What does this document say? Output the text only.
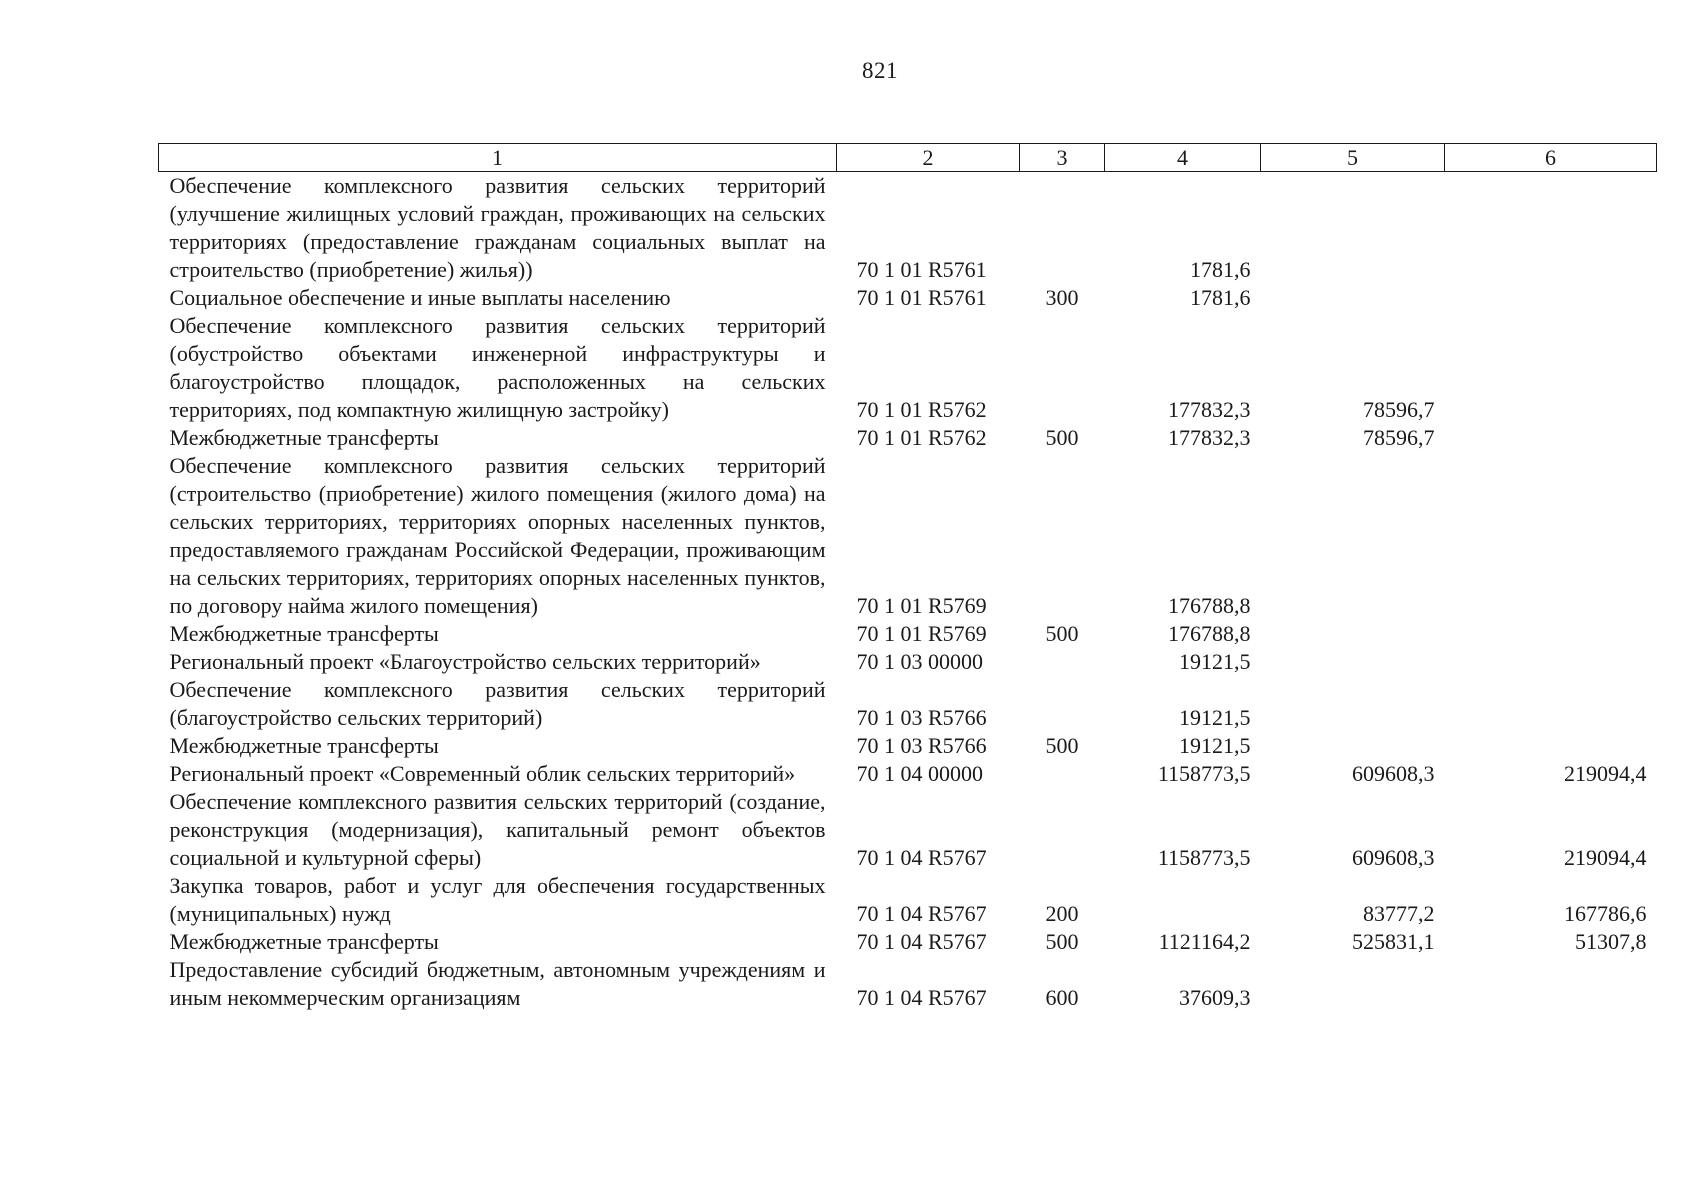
821
1	2	3	4	5	6
Обеспечение комплексного развития сельских территорий (улучшение жилищных условий граждан, проживающих на сельских территориях (предоставление гражданам социальных выплат на строительство (приобретение) жилья))	70 1 01 R5761		1781,6		
Социальное обеспечение и иные выплаты населению	70 1 01 R5761	300	1781,6		
Обеспечение комплексного развития сельских территорий (обустройство объектами инженерной инфраструктуры и благоустройство площадок, расположенных на сельских территориях, под компактную жилищную застройку)	70 1 01 R5762		177832,3	78596,7	
Межбюджетные трансферты	70 1 01 R5762	500	177832,3	78596,7	
Обеспечение комплексного развития сельских территорий (строительство (приобретение) жилого помещения (жилого дома) на сельских территориях, территориях опорных населенных пунктов, предоставляемого гражданам Российской Федерации, проживающим на сельских территориях, территориях опорных населенных пунктов, по договору найма жилого помещения)	70 1 01 R5769		176788,8		
Межбюджетные трансферты	70 1 01 R5769	500	176788,8		
Региональный проект «Благоустройство сельских территорий»	70 1 03 00000		19121,5		
Обеспечение комплексного развития сельских территорий (благоустройство сельских территорий)	70 1 03 R5766		19121,5		
Межбюджетные трансферты	70 1 03 R5766	500	19121,5		
Региональный проект «Современный облик сельских территорий»	70 1 04 00000		1158773,5	609608,3	219094,4
Обеспечение комплексного развития сельских территорий (создание, реконструкция (модернизация), капитальный ремонт объектов социальной и культурной сферы)	70 1 04 R5767		1158773,5	609608,3	219094,4
Закупка товаров, работ и услуг для обеспечения государственных (муниципальных) нужд	70 1 04 R5767	200		83777,2	167786,6
Межбюджетные трансферты	70 1 04 R5767	500	1121164,2	525831,1	51307,8
Предоставление субсидий бюджетным, автономным учреждениям и иным некоммерческим организациям	70 1 04 R5767	600	37609,3		
